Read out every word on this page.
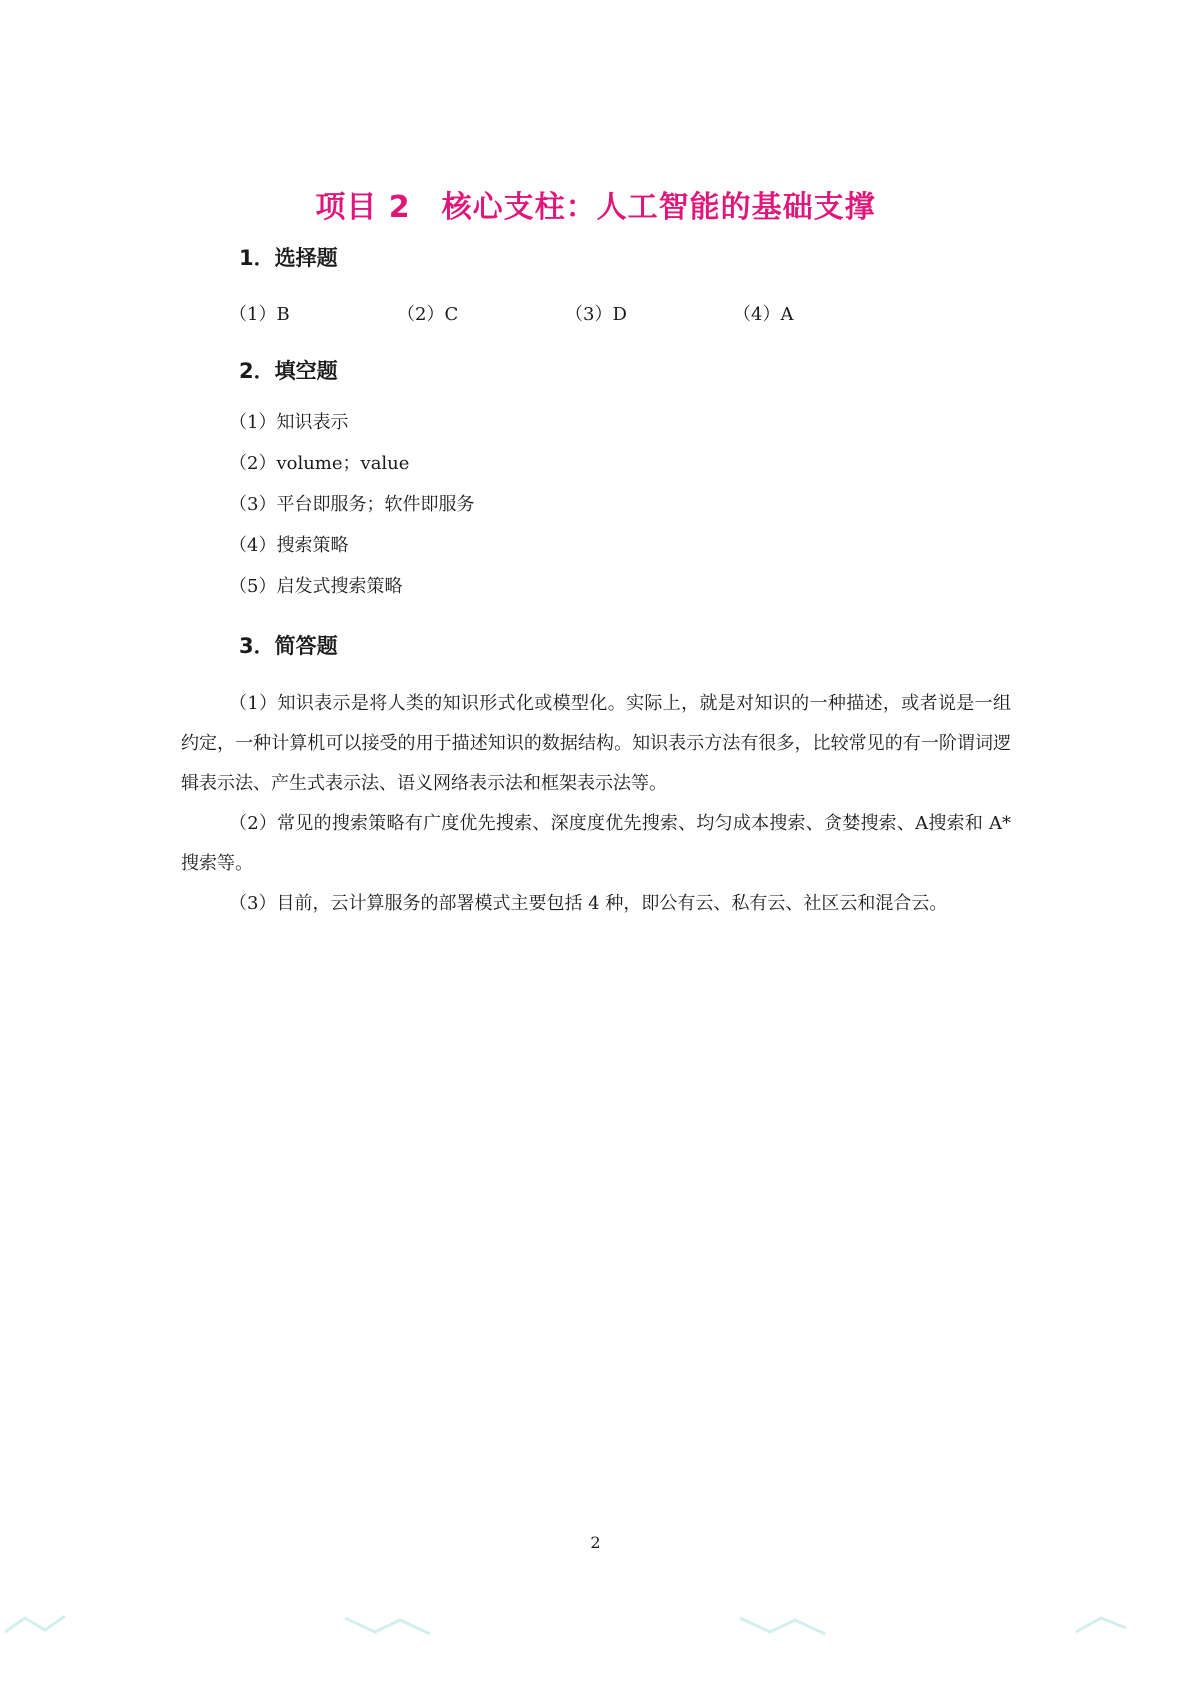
项目 2　核心支柱：人工智能的基础支撑
1．选择题
（1）B	（2）C	（3）D	（4）A
2．填空题
（1）知识表示
（2）volume；value
（3）平台即服务；软件即服务
（4）搜索策略
（5）启发式搜索策略
3．简答题

（1）知识表示是将人类的知识形式化或模型化。实际上，就是对知识的一种描述，或者说是一组约定，一种计算机可以接受的用于描述知识的数据结构。知识表示方法有很多，比较常见的有一阶谓词逻辑表示法、产生式表示法、语义网络表示法和框架表示法等。

（2）常见的搜索策略有广度优先搜索、深度度优先搜索、均匀成本搜索、贪婪搜索、A搜索和 A*搜索等。

（3）目前，云计算服务的部署模式主要包括 4 种，即公有云、私有云、社区云和混合云。

2
